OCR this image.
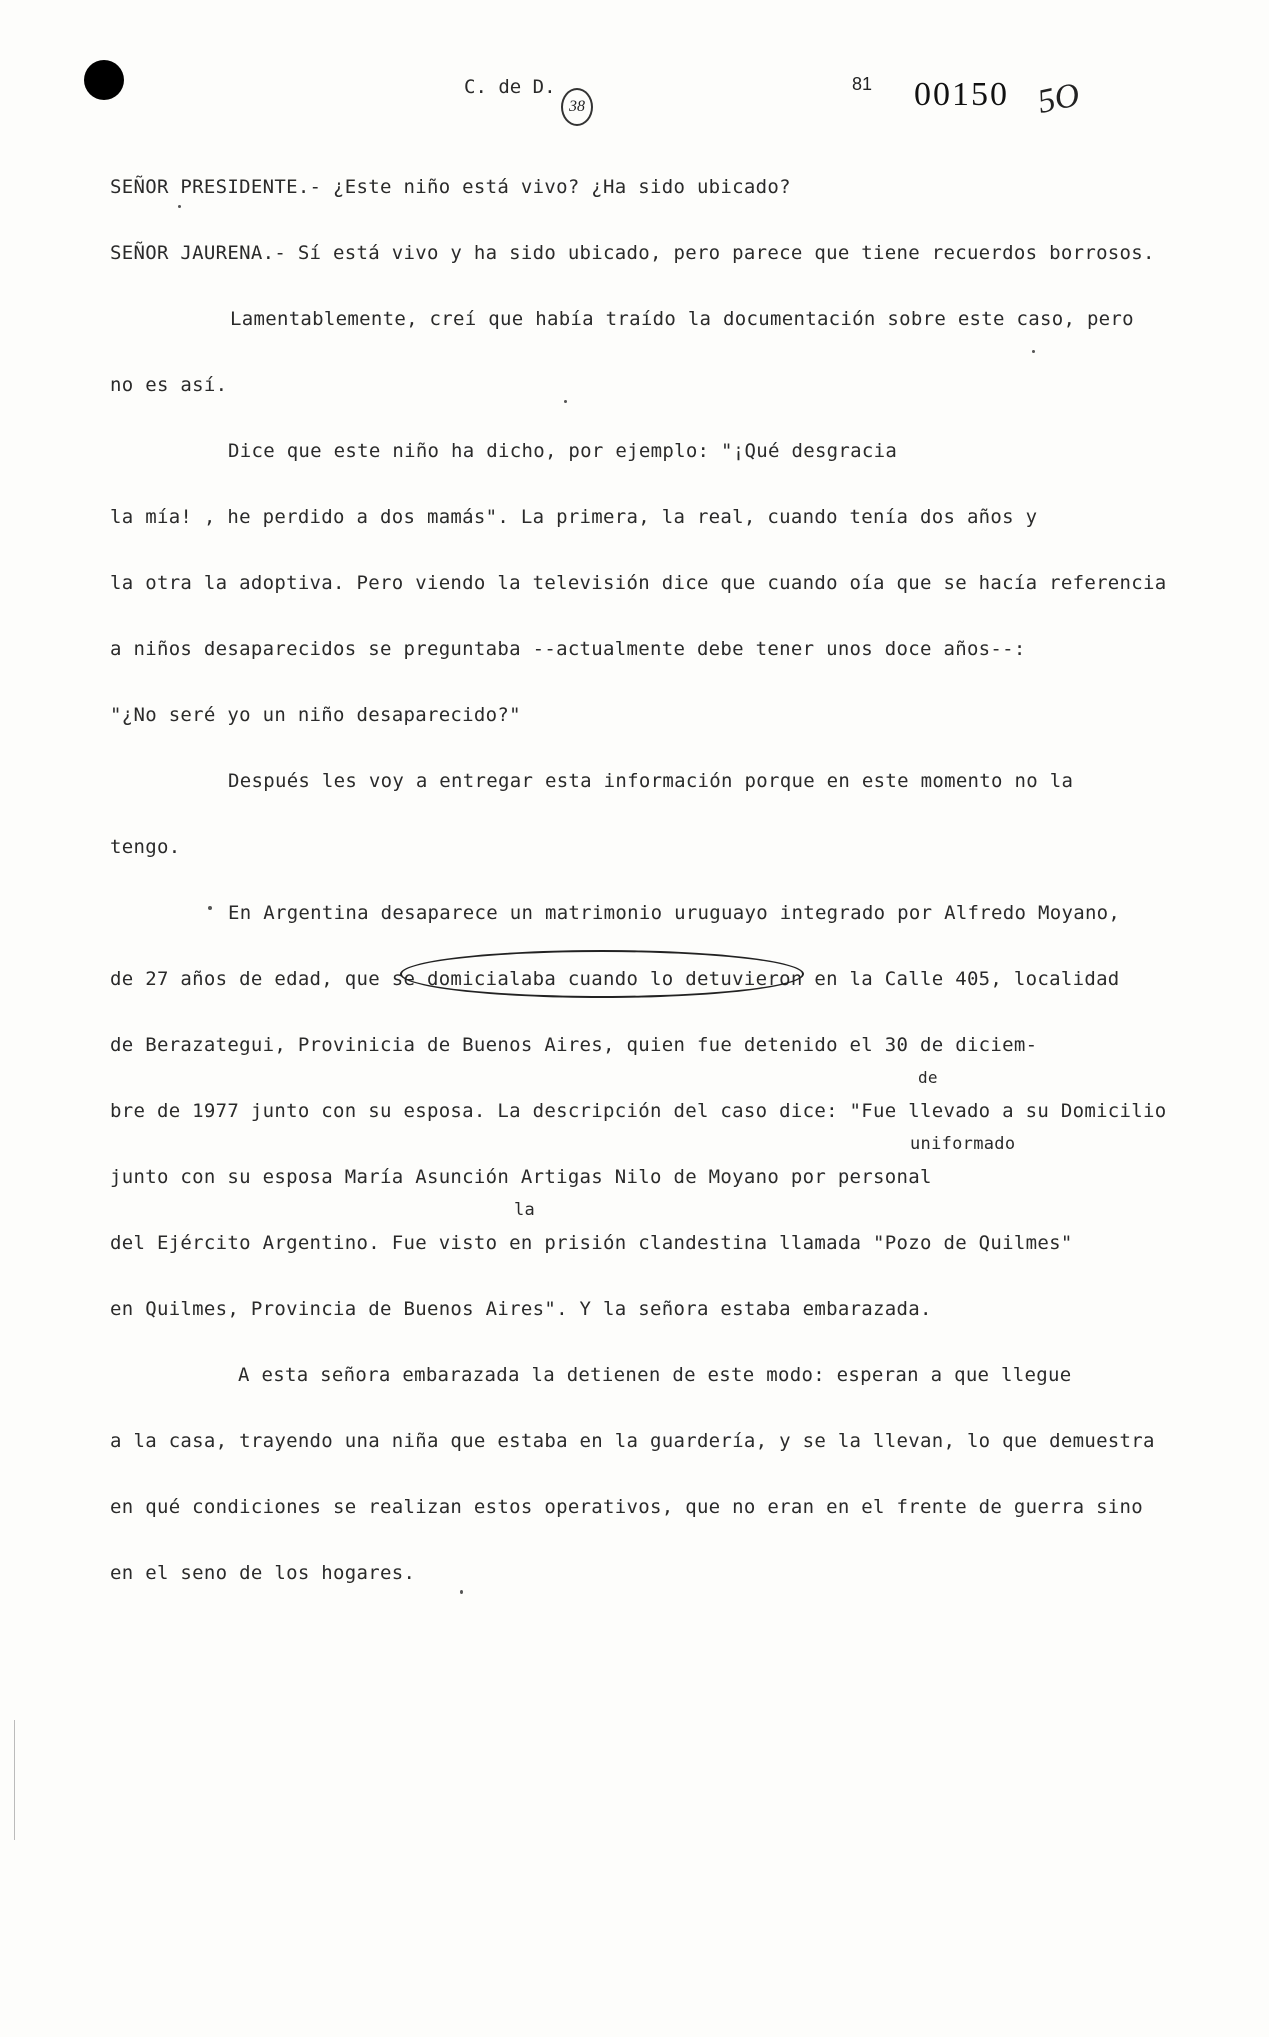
C. de D.
38
81 00150 5O
SEÑOR PRESIDENTE.- ¿Este niño está vivo? ¿Ha sido ubicado?
SEÑOR JAURENA.- Sí está vivo y ha sido ubicado, pero parece que tiene recuerdos borrosos.
Lamentablemente, creí que había traído la documentación sobre este caso, pero
no es así.
Dice que este niño ha dicho, por ejemplo: "¡Qué desgracia
la mía! , he perdido a dos mamás". La primera, la real, cuando tenía dos años y
la otra la adoptiva. Pero viendo la televisión dice que cuando oía que se hacía referencia
a niños desaparecidos se preguntaba --actualmente debe tener unos doce años--:
"¿No seré yo un niño desaparecido?"
Después les voy a entregar esta información porque en este momento no la
tengo.
En Argentina desaparece un matrimonio uruguayo integrado por Alfredo Moyano,
de 27 años de edad, que se domicialaba cuando lo detuvieron en la Calle 405, localidad
de Berazategui, Provinicia de Buenos Aires, quien fue detenido el 30 de diciem-
de
bre de 1977 junto con su esposa. La descripción del caso dice: "Fue llevado a su Domicilio
uniformado
junto con su esposa María Asunción Artigas Nilo de Moyano por personal
la
del Ejército Argentino. Fue visto en prisión clandestina llamada "Pozo de Quilmes"
en Quilmes, Provincia de Buenos Aires". Y la señora estaba embarazada.
A esta señora embarazada la detienen de este modo: esperan a que llegue
a la casa, trayendo una niña que estaba en la guardería, y se la llevan, lo que demuestra
en qué condiciones se realizan estos operativos, que no eran en el frente de guerra sino
en el seno de los hogares.
